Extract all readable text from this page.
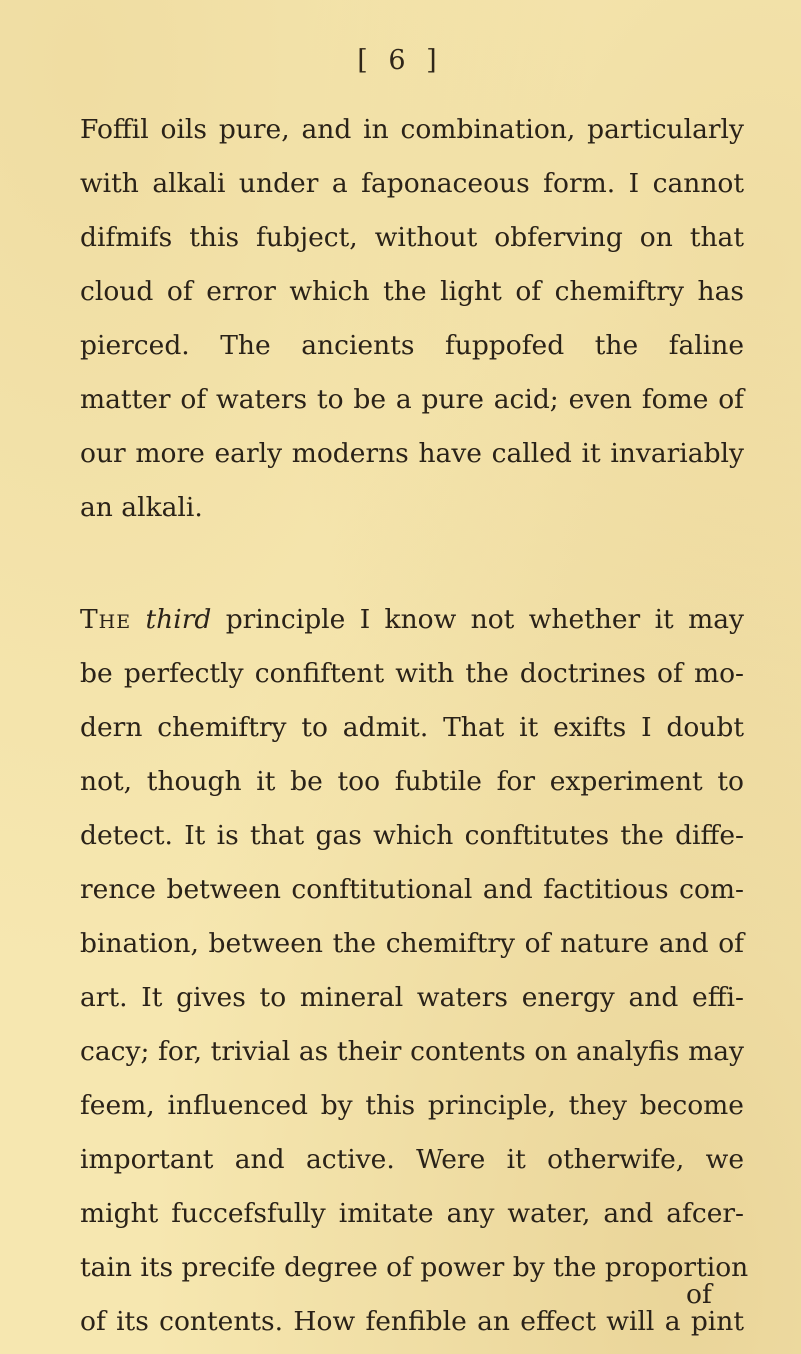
[ 6 ]
Foffil oils pure, and in combination, particularly
with alkali under a faponaceous form. I cannot
difmifs this fubject, without obferving on that
cloud of error which the light of chemiftry has
pierced. The ancients fuppofed the faline
matter of waters to be a pure acid; even fome of
our more early moderns have called it invariably
an alkali.
The third principle I know not whether it may
be perfectly confiftent with the doctrines of mo-
dern chemiftry to admit. That it exifts I doubt
not, though it be too fubtile for experiment to
detect. It is that gas which conftitutes the diffe-
rence between conftitutional and factitious com-
bination, between the chemiftry of nature and of
art. It gives to mineral waters energy and effi-
cacy; for, trivial as their contents on analyfis may
feem, influenced by this principle, they become
important and active. Were it otherwife, we
might fuccefsfully imitate any water, and afcer-
tain its precife degree of power by the proportion
of its contents. How fenfible an effect will a pint
of
